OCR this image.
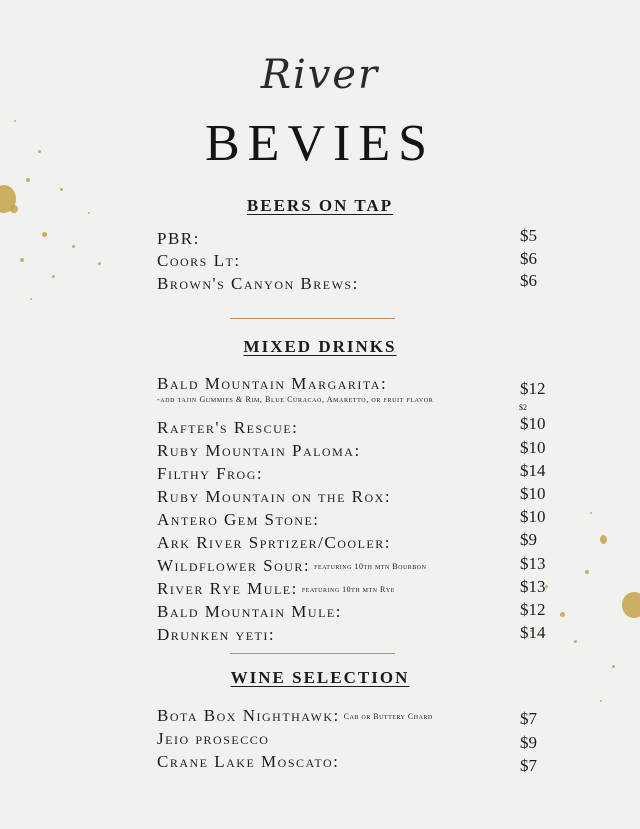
River
BEVIES
BEERS ON TAP
PBR:	$5
Coors Lt:	$6
Brown's Canyon Brews:	$6
MIXED DRINKS
Bald Mountain Margarita:	$12
-add tajin Gummies & Rim, Blue Curacao, Amaretto, or fruit flavor
$2
Rafter's Rescue:	$10
Ruby Mountain Paloma:	$10
Filthy Frog:	$14
Ruby Mountain on the Rox:	$10
Antero Gem Stone:	$10
Ark River Sprtizer/Cooler:	$9
Wildflower Sour: featuring 10th mtn Bourbon	$13
River Rye Mule: featuring 10th mtn Rye	$13
Bald Mountain Mule:	$12
Drunken yeti:	$14
WINE SELECTION
Bota Box Nighthawk: Cab or Buttery Chard	$7
Jeio prosecco	$9
Crane Lake Moscato:	$7
